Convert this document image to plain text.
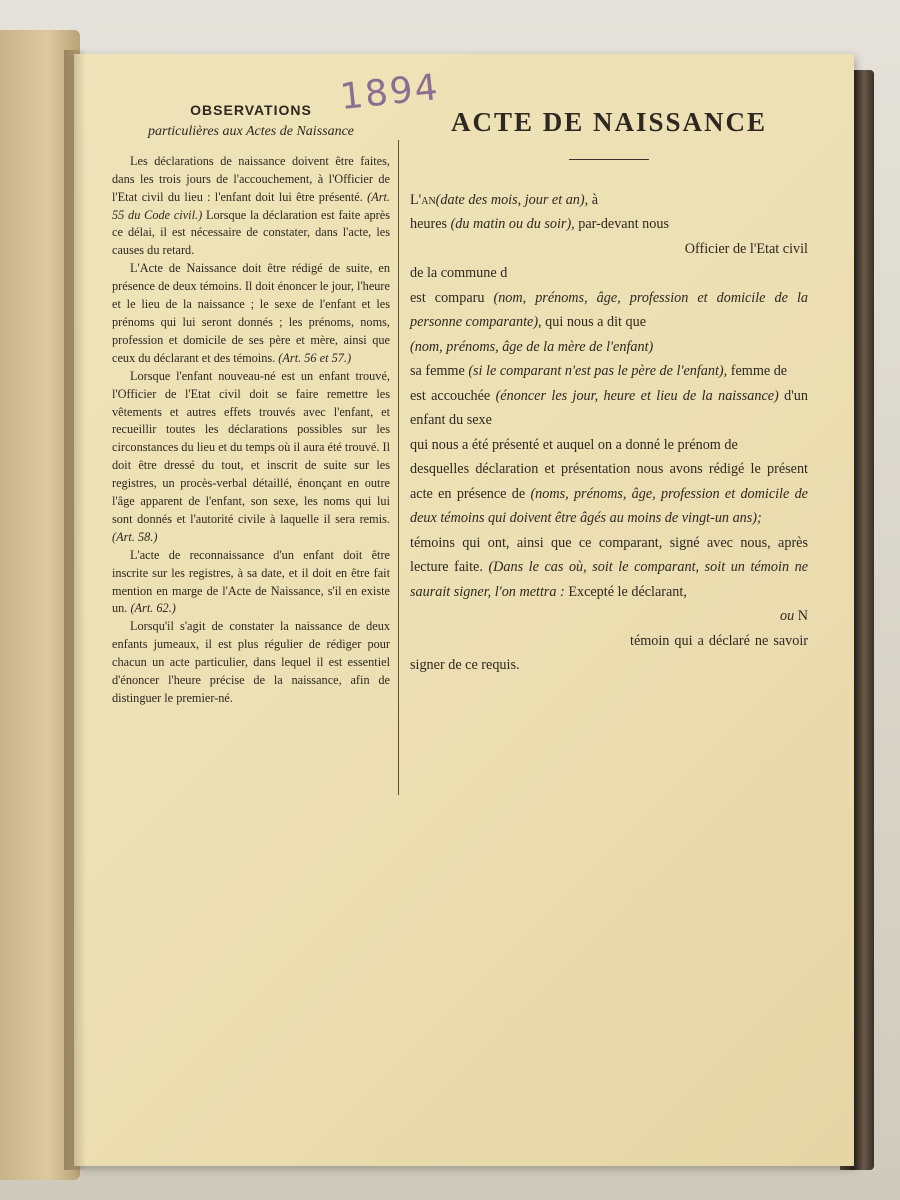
1894
OBSERVATIONS
particulières aux Actes de Naissance

Les déclarations de naissance doivent être faites, dans les trois jours de l'accouchement, à l'Officier de l'Etat civil du lieu : l'enfant doit lui être présenté. (Art. 55 du Code civil.) Lorsque la déclaration est faite après ce délai, il est nécessaire de constater, dans l'acte, les causes du retard.

L'Acte de Naissance doit être rédigé de suite, en présence de deux témoins. Il doit énoncer le jour, l'heure et le lieu de la naissance ; le sexe de l'enfant et les prénoms qui lui seront donnés ; les prénoms, noms, profession et domicile de ses père et mère, ainsi que ceux du déclarant et des témoins. (Art. 56 et 57.)

Lorsque l'enfant nouveau-né est un enfant trouvé, l'Officier de l'Etat civil doit se faire remettre les vêtements et autres effets trouvés avec l'enfant, et recueillir toutes les déclarations possibles sur les circonstances du lieu et du temps où il aura été trouvé. Il doit être dressé du tout, et inscrit de suite sur les registres, un procès-verbal détaillé, énonçant en outre l'âge apparent de l'enfant, son sexe, les noms qui lui sont donnés et l'autorité civile à laquelle il sera remis. (Art. 58.)

L'acte de reconnaissance d'un enfant doit être inscrite sur les registres, à sa date, et il doit en être fait mention en marge de l'Acte de Naissance, s'il en existe un. (Art. 62.)

Lorsqu'il s'agit de constater la naissance de deux enfants jumeaux, il est plus régulier de rédiger pour chacun un acte particulier, dans lequel il est essentiel d'énoncer l'heure précise de la naissance, afin de distinguer le premier-né.

ACTE DE NAISSANCE

L'an(date des mois, jour et an), à

heures (du matin ou du soir), par-devant nous

Officier de l'Etat civil

de la commune d

est comparu (nom, prénoms, âge, profession et domicile de la personne comparante), qui nous a dit que

(nom, prénoms, âge de la mère de l'enfant)

sa femme (si le comparant n'est pas le père de l'enfant), femme de

est accouchée (énoncer les jour, heure et lieu de la naissance) d'un enfant du sexe

qui nous a été présenté et auquel on a donné le prénom de

desquelles déclaration et présentation nous avons rédigé le présent acte en présence de (noms, prénoms, âge, profession et domicile de deux témoins qui doivent être âgés au moins de vingt-un ans);

témoins qui ont, ainsi que ce comparant, signé avec nous, après lecture faite. (Dans le cas où, soit le comparant, soit un témoin ne saurait signer, l'on mettra : Excepté le déclarant,

ou N

témoin qui a déclaré ne savoir signer de ce requis.
